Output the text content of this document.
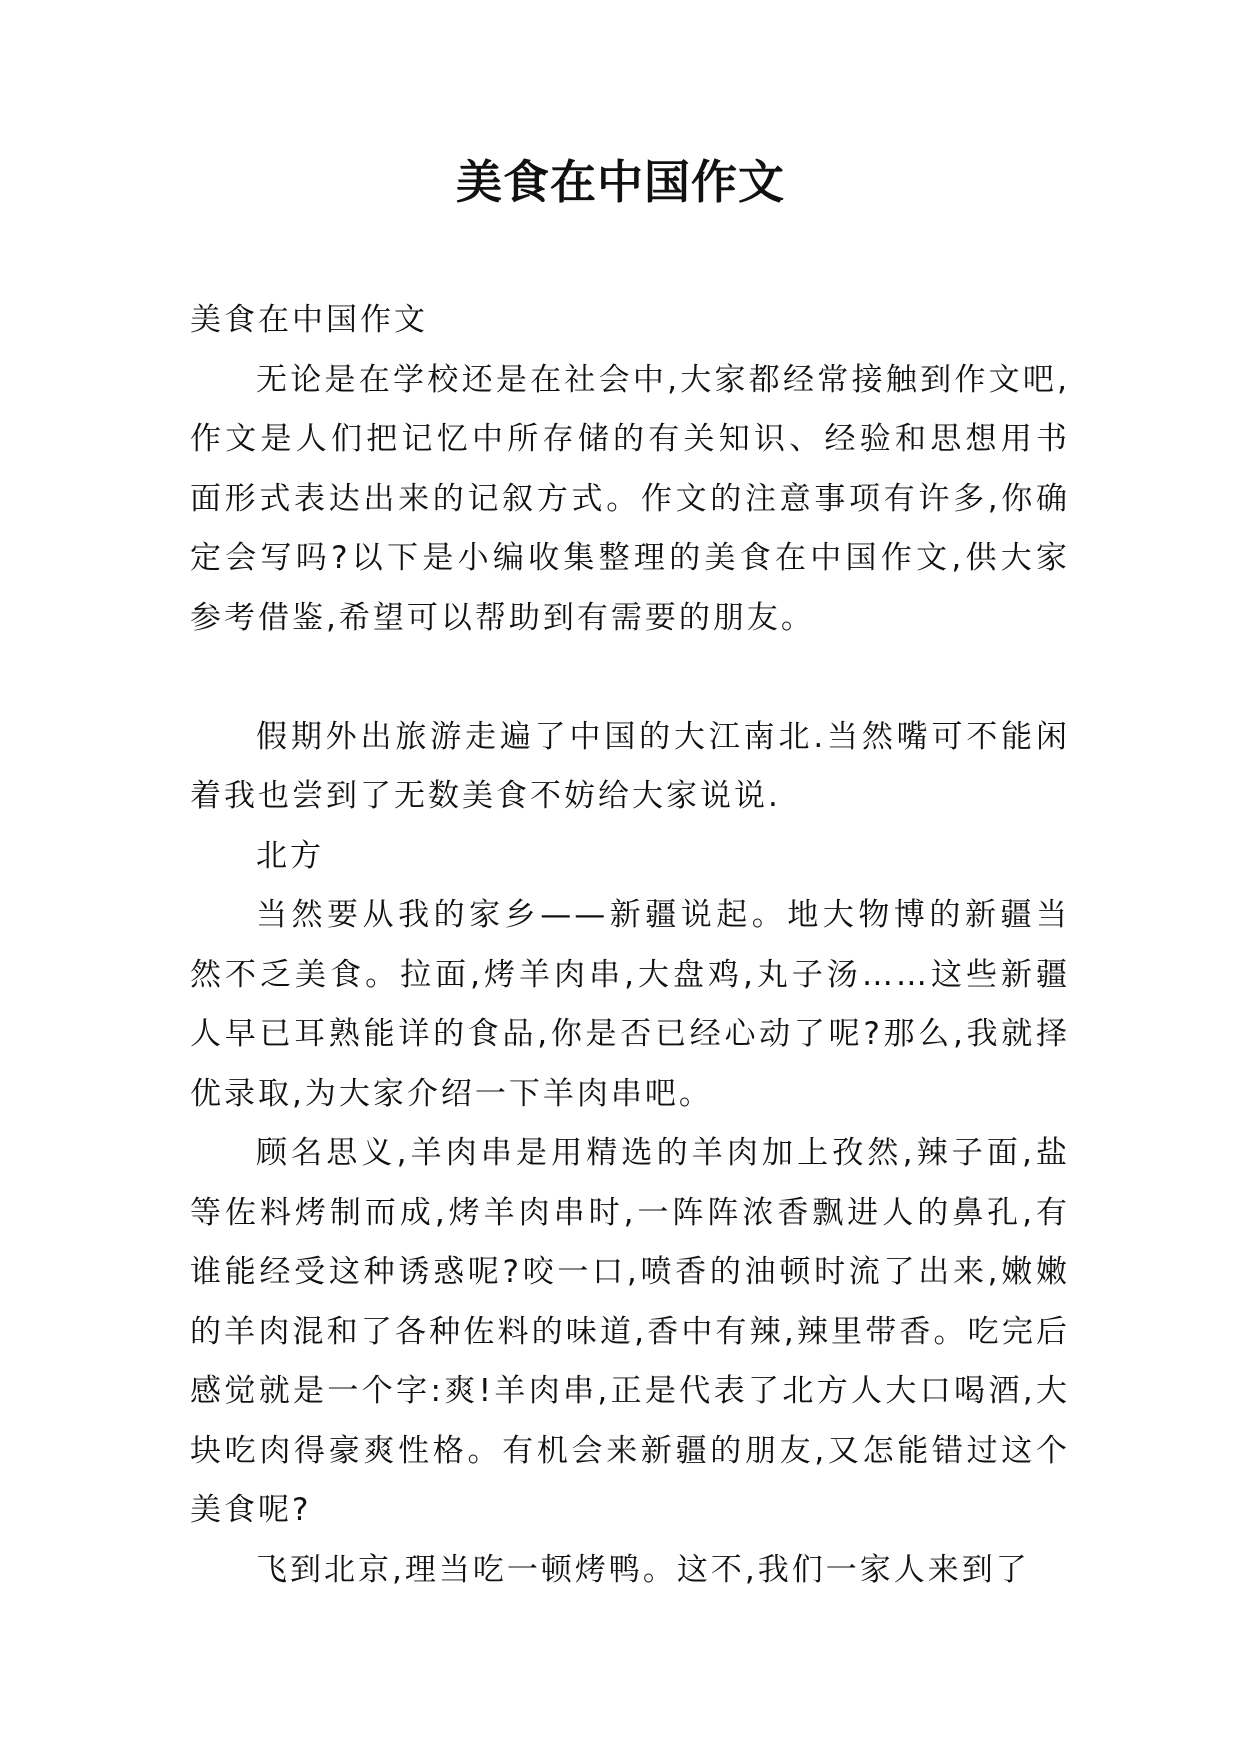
美食在中国作文

美食在中国作文

无论是在学校还是在社会中,大家都经常接触到作文吧,作文是人们把记忆中所存储的有关知识、经验和思想用书面形式表达出来的记叙方式。作文的注意事项有许多,你确定会写吗?以下是小编收集整理的美食在中国作文,供大家参考借鉴,希望可以帮助到有需要的朋友。

假期外出旅游走遍了中国的大江南北.当然嘴可不能闲着我也尝到了无数美食不妨给大家说说.

北方

当然要从我的家乡——新疆说起。地大物博的新疆当然不乏美食。拉面,烤羊肉串,大盘鸡,丸子汤……这些新疆人早已耳熟能详的食品,你是否已经心动了呢?那么,我就择优录取,为大家介绍一下羊肉串吧。

顾名思义,羊肉串是用精选的羊肉加上孜然,辣子面,盐等佐料烤制而成,烤羊肉串时,一阵阵浓香飘进人的鼻孔,有谁能经受这种诱惑呢?咬一口,喷香的油顿时流了出来,嫩嫩的羊肉混和了各种佐料的味道,香中有辣,辣里带香。吃完后感觉就是一个字:爽!羊肉串,正是代表了北方人大口喝酒,大块吃肉得豪爽性格。有机会来新疆的朋友,又怎能错过这个美食呢?

飞到北京,理当吃一顿烤鸭。这不,我们一家人来到了
